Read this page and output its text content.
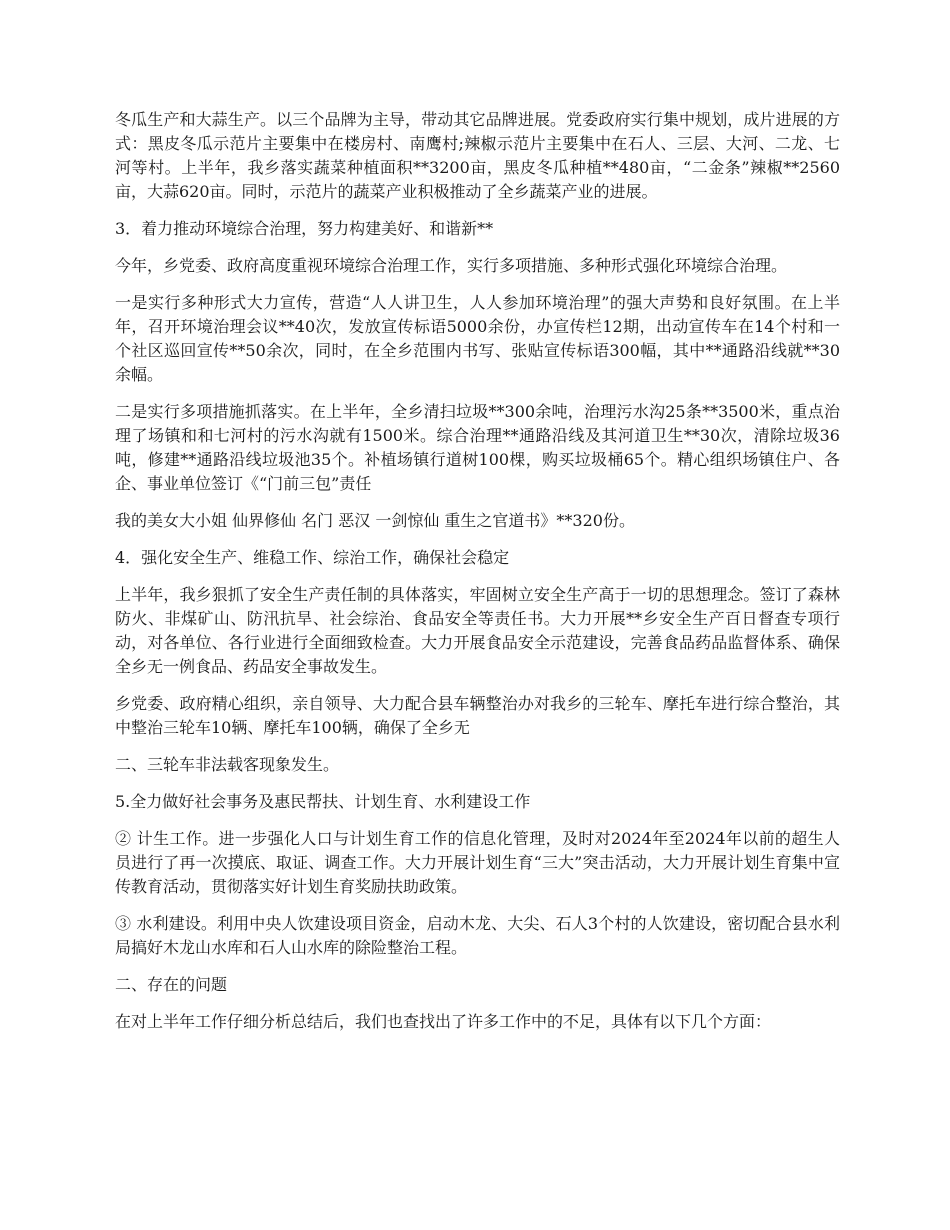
冬瓜生产和大蒜生产。以三个品牌为主导，带动其它品牌进展。党委政府实行集中规划，成片进展的方式：黑皮冬瓜示范片主要集中在楼房村、南鹰村;辣椒示范片主要集中在石人、三层、大河、二龙、七河等村。上半年，我乡落实蔬菜种植面积**3200亩，黑皮冬瓜种植**480亩，“二金条”辣椒**2560亩，大蒜620亩。同时，示范片的蔬菜产业积极推动了全乡蔬菜产业的进展。

3．着力推动环境综合治理，努力构建美好、和谐新**

今年，乡党委、政府高度重视环境综合治理工作，实行多项措施、多种形式强化环境综合治理。

一是实行多种形式大力宣传，营造“人人讲卫生，人人参加环境治理”的强大声势和良好氛围。在上半年，召开环境治理会议**40次，发放宣传标语5000余份，办宣传栏12期，出动宣传车在14个村和一个社区巡回宣传**50余次，同时，在全乡范围内书写、张贴宣传标语300幅，其中**通路沿线就**30余幅。

二是实行多项措施抓落实。在上半年，全乡清扫垃圾**300余吨，治理污水沟25条**3500米，重点治理了场镇和和七河村的污水沟就有1500米。综合治理**通路沿线及其河道卫生**30次，清除垃圾36吨，修建**通路沿线垃圾池35个。补植场镇行道树100棵，购买垃圾桶65个。精心组织场镇住户、各企、事业单位签订《“门前三包”责任

我的美女大小姐 仙界修仙 名门 恶汉 一剑惊仙 重生之官道书》**320份。

4．强化安全生产、维稳工作、综治工作，确保社会稳定

上半年，我乡狠抓了安全生产责任制的具体落实，牢固树立安全生产高于一切的思想理念。签订了森林防火、非煤矿山、防汛抗旱、社会综治、食品安全等责任书。大力开展**乡安全生产百日督查专项行动，对各单位、各行业进行全面细致检查。大力开展食品安全示范建设，完善食品药品监督体系、确保全乡无一例食品、药品安全事故发生。

乡党委、政府精心组织，亲自领导、大力配合县车辆整治办对我乡的三轮车、摩托车进行综合整治，其中整治三轮车10辆、摩托车100辆，确保了全乡无

二、三轮车非法载客现象发生。

5.全力做好社会事务及惠民帮扶、计划生育、水利建设工作

② 计生工作。进一步强化人口与计划生育工作的信息化管理，及时对2024年至2024年以前的超生人员进行了再一次摸底、取证、调查工作。大力开展计划生育“三大”突击活动，大力开展计划生育集中宣传教育活动，贯彻落实好计划生育奖励扶助政策。

③ 水利建设。利用中央人饮建设项目资金，启动木龙、大尖、石人3个村的人饮建设，密切配合县水利局搞好木龙山水库和石人山水库的除险整治工程。

二、存在的问题

在对上半年工作仔细分析总结后，我们也查找出了许多工作中的不足，具体有以下几个方面：
